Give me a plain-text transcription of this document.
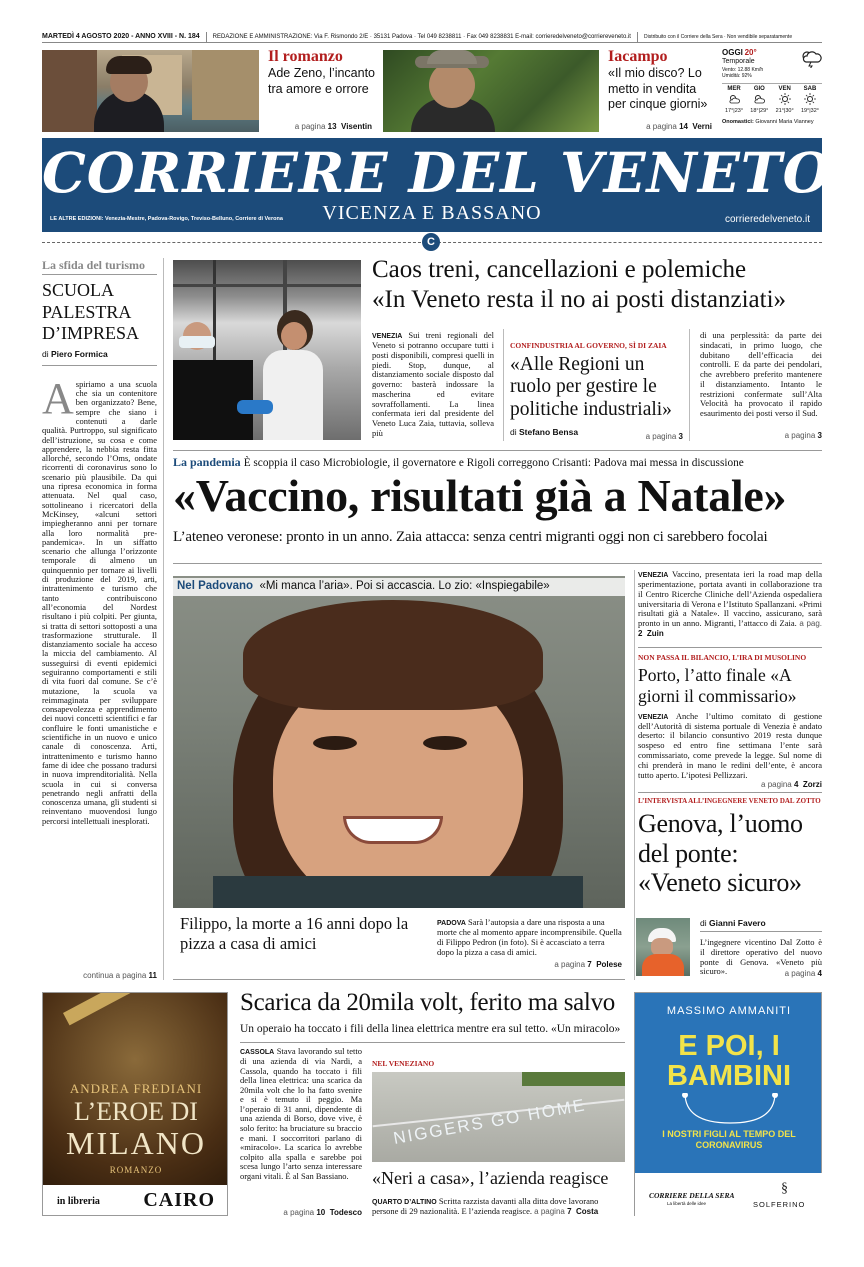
MARTEDÌ 4 AGOSTO 2020 - ANNO XVIII - N. 184 REDAZIONE E AMMINISTRAZIONE: Via F. Rismondo 2/E · 35131 Padova · Tel 049 8238811 · Fax 049 8238831 E-mail: corrieredelveneto@corriereveneto.it	Distribuito con il Corriere della Sera · Non vendibile separatamente
Il romanzo
Ade Zeno, l’incanto tra amore e orrore
a pagina 13 Visentin
Iacampo
«Il mio disco? Lo metto in vendita per cinque giorni»
a pagina 14 Verni
OGGI 20°
Temporale
Vento: 12.88 Km/h
Umidità: 92%
MER
17°|23°
GIO
18°|29°
VEN
21°|30°
SAB
19°|32°
Onomastici: Giovanni Maria Vianney
CORRIERE DEL VENETO
VICENZA E BASSANO
LE ALTRE EDIZIONI: Venezia-Mestre, Padova-Rovigo, Treviso-Belluno, Corriere di Verona	corrieredelveneto.it
C
La sfida del turismo
SCUOLA PALESTRA D’IMPRESA
di Piero Formica
Aspiriamo a una scuola che sia un contenitore ben organizzato? Bene, sempre che siano i contenuti a darle qualità. Purtroppo, sul significato dell’istruzione, su cosa e come apprendere, la nebbia resta fitta allorché, secondo l’Oms, ondate ricorrenti di coronavirus sono lo scenario più plausibile. Da qui una ripresa economica in forma attenuata. Nel qual caso, sottolineano i ricercatori della McKinsey, «alcuni settori impiegheranno anni per tornare alla loro normalità pre-pandemica». In un siffatto scenario che allunga l’orizzonte temporale di almeno un quinquennio per tornare ai livelli di produzione del 2019, arti, intrattenimento e turismo che tanto contribuiscono all’economia del Nordest risultano i più colpiti. Per giunta, si tratta di settori sottoposti a una trasformazione strutturale. Il distanziamento sociale ha acceso la miccia del cambiamento. Al susseguirsi di eventi epidemici seguiranno comportamenti e stili di vita fuori dal comune. Se c’è mutazione, la scuola va reimmaginata per sviluppare consapevolezza e apprendimento dei nuovi concetti scientifici e far confluire le fonti umanistiche e scientifiche in un nuovo e unico canale di conoscenza. Arti, intrattenimento e turismo hanno fame di idee che possano tradursi in nuova imprenditorialità. Nella scuola in cui si conversa penetrando negli anfratti della conoscenza umana, gli studenti si reinventano muovendosi lungo percorsi intellettuali inesplorati.
continua a pagina 11
Caos treni, cancellazioni e polemiche
«In Veneto resta il no ai posti distanziati»
VENEZIA Sui treni regionali del Veneto si potranno occupare tutti i posti disponibili, compresi quelli in piedi. Stop, dunque, al distanziamento sociale disposto dal governo: basterà indossare la mascherina ed evitare sovraffollamenti. La linea confermata ieri dal presidente del Veneto Luca Zaia, tuttavia, solleva più
CONFINDUSTRIA AL GOVERNO, SÌ DI ZAIA
«Alle Regioni un ruolo per gestire le politiche industriali»
di Stefano Bensa	a pagina 3
di una perplessità: da parte dei sindacati, in primo luogo, che dubitano dell’efficacia dei controlli. E da parte dei pendolari, che avrebbero preferito mantenere il distanziamento. Intanto le restrizioni confermate sull’Alta Velocità ha provocato il rapido esaurimento dei posti verso il Sud.
a pagina 3
La pandemia È scoppia il caso Microbiologie, il governatore e Rigoli correggono Crisanti: Padova mai messa in discussione
«Vaccino, risultati già a Natale»
L’ateneo veronese: pronto in un anno. Zaia attacca: senza centri migranti oggi non ci sarebbero focolai
Nel Padovano «Mi manca l’aria». Poi si accascia. Lo zio: «Inspiegabile»
Filippo, la morte a 16 anni dopo la pizza a casa di amici
PADOVA Sarà l’autopsia a dare una risposta a una morte che al momento appare incomprensibile. Quella di Filippo Pedron (in foto). Si è accasciato a terra dopo la pizza a casa di amici.
a pagina 7 Polese
VENEZIA Vaccino, presentata ieri la road map della sperimentazione, portata avanti in collaborazione tra il Centro Ricerche Cliniche dell’Azienda ospedaliera universitaria di Verona e l’Istituto Spallanzani. «Primi risultati già a Natale». Il vaccino, assicurano, sarà pronto in un anno. Migranti, l’attacco di Zaia. a pag. 2 Zuin
NON PASSA IL BILANCIO, L’IRA DI MUSOLINO
Porto, l’atto finale «A giorni il commissario»
VENEZIA Anche l’ultimo comitato di gestione dell’Autorità di sistema portuale di Venezia è andato deserto: il bilancio consuntivo 2019 resta dunque sospeso ed entro fine settimana l’ente sarà commissariato, come prevede la legge. Sul nome di chi prenderà in mano le redini dell’ente, è ancora tutto aperto. L’ipotesi Pellizzari.
a pagina 4 Zorzi
L’INTERVISTA ALL’INGEGNERE VENETO DAL ZOTTO
Genova, l’uomo del ponte: «Veneto sicuro»
di Gianni Favero
L’ingegnere vicentino Dal Zotto è il direttore operativo del nuovo ponte di Genova. «Veneto più sicuro».	a pagina 4
ANDREA FREDIANI
L’EROE DI
MILANO
ROMANZO
in libreria CAIRO
Scarica da 20mila volt, ferito ma salvo
Un operaio ha toccato i fili della linea elettrica mentre era sul tetto. «Un miracolo»
CASSOLA Stava lavorando sul tetto di una azienda di via Nardi, a Cassola, quando ha toccato i fili della linea elettrica: una scarica da 20mila volt che lo ha fatto svenire e si è temuto il peggio. Ma l’operaio di 31 anni, dipendente di una azienda di Borso, dove vive, è solo ferito: ha bruciature su braccio e mani. I soccorritori parlano di «miracolo». La scarica lo avrebbe colpito alla spalla e sarebbe poi scesa lungo l’arto senza interessare organi vitali. È al San Bassiano.
a pagina 10 Todesco
NEL VENEZIANO
NIGGERS GO HOME
«Neri a casa», l’azienda reagisce
QUARTO D’ALTINO Scritta razzista davanti alla ditta dove lavorano persone di 29 nazionalità. E l’azienda reagisce. a pagina 7 Costa
MASSIMO AMMANITI
E POI, I BAMBINI
I NOSTRI FIGLI AL TEMPO DEL CORONAVIRUS
CORRIERE DELLA SERA
La libertà delle idee	SOLFERINO
§
